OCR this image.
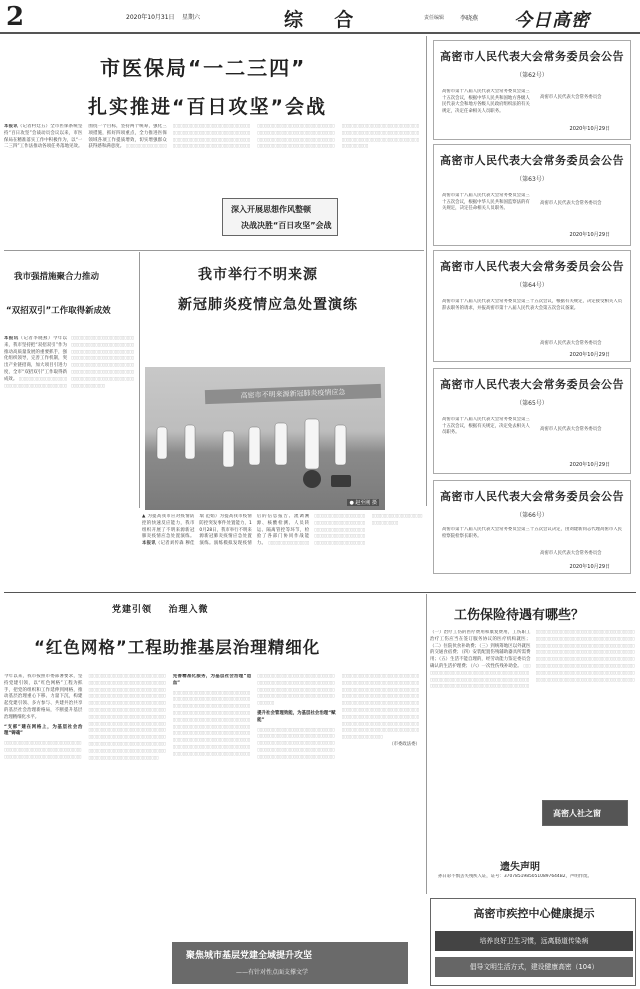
2	2020年10月31日 星期六	综  合	责任编辑	李晓燕 今日高密
市医保局“一二三四”
扎实推进“百日攻坚”会战
本报讯（记者村廷五）全市医保系统坚持“百日攻坚”会战动员会议以来，市医保局在精准落实工作中积极作为，以“一二三四”工作法推动各项任务落地见效。围绕一个目标，坚持两个统筹，强化三项措施，抓好四项重点，全力推进医保领域各项工作提质增效，切实增强群众获得感和满意度。 ▯▯▯▯▯▯▯▯▯▯▯▯▯▯▯▯▯▯▯▯▯▯▯▯▯▯▯▯▯▯▯▯▯▯▯▯▯▯▯▯▯▯▯▯▯▯▯▯▯▯▯▯▯▯▯▯▯▯▯▯▯▯▯▯▯▯▯▯▯▯▯▯▯▯▯▯▯▯▯▯▯▯▯▯▯▯▯▯▯▯▯▯▯▯▯▯▯▯▯▯▯▯▯▯▯▯▯▯▯▯▯▯▯▯▯▯▯▯▯▯▯▯▯▯▯▯▯▯▯▯▯▯▯▯▯▯▯▯▯▯▯▯▯▯▯▯▯▯▯▯▯▯▯▯▯▯▯▯▯▯▯▯▯▯▯▯▯▯▯▯▯▯▯▯▯▯▯▯▯▯▯▯▯▯▯▯▯▯▯▯▯▯▯▯▯▯▯▯▯▯▯▯▯▯▯▯▯▯▯▯▯▯▯▯▯▯▯▯▯▯▯▯▯▯▯▯▯▯▯▯▯▯▯▯▯▯▯▯▯▯▯▯▯▯▯▯▯▯▯▯▯▯▯▯▯▯▯▯▯▯▯▯▯▯▯▯▯▯▯▯▯▯▯▯▯▯▯▯▯▯▯▯▯▯▯▯▯▯▯▯▯▯▯▯▯▯▯▯▯▯▯▯▯▯▯▯▯▯▯▯▯▯▯▯▯▯▯▯▯▯▯▯▯▯▯▯▯▯▯▯▯▯▯▯▯▯▯▯▯▯▯▯▯▯▯▯▯▯▯▯▯▯▯▯▯▯▯▯▯▯▯▯▯▯▯▯▯▯▯▯▯▯▯▯▯▯▯▯▯▯
深入开展思想作风整顿
决战决胜“百日攻坚”会战
我市强措施聚合力推动
“双招双引”工作取得新成效
本报讯（记者李晓燕）今年以来，我市坚持把“双招双引”作为推动高质量发展的重要抓手，强化组织领导，完善工作机制，突出产业链招商，加大项目引进力度，全市“双招双引”工作取得新成效。 ▯▯▯▯▯▯▯▯▯▯▯▯▯▯▯▯▯▯▯▯▯▯▯▯▯▯▯▯▯▯▯▯▯▯▯▯▯▯▯▯▯▯▯▯▯▯▯▯▯▯▯▯▯▯▯▯▯▯▯▯▯▯▯▯▯▯▯▯▯▯▯▯▯▯▯▯▯▯▯▯▯▯▯▯▯▯▯▯▯▯▯▯▯▯▯▯▯▯▯▯▯▯▯▯▯▯▯▯▯▯▯▯▯▯▯▯▯▯▯▯▯▯▯▯▯▯▯▯▯▯▯▯▯▯▯▯▯▯▯▯▯▯▯▯▯▯▯▯▯▯▯▯▯▯▯▯▯▯▯▯▯▯▯▯▯▯▯▯▯▯▯▯▯▯▯▯▯▯▯▯▯▯▯▯▯▯▯▯▯▯▯▯▯▯▯▯▯▯▯▯▯▯▯▯▯▯▯▯▯▯▯▯▯▯▯▯▯▯▯▯▯▯▯▯▯▯▯▯▯▯▯▯▯▯▯▯▯▯▯▯▯▯
我市举行不明来源
新冠肺炎疫情应急处置演练
高密市不明来源新冠肺炎疫情应急
● 赵至刚 摄
▲ 为提高我市应对疫情防控的快速反应能力，我市组织开展了不明来源新冠肺炎疫情应急处置演练。本报讯（记者刘传森 穆佳瑞 范娟）为提高我市疫情防控突发事件处置能力，10月28日，我市举行不明来源新冠肺炎疫情应急处置演练。演练模拟发现疫情后的信息报告、流调溯源、核酸检测、人员转运、隔离管控等环节，检验了各部门协同作战能力。 ▯▯▯▯▯▯▯▯▯▯▯▯▯▯▯▯▯▯▯▯▯▯▯▯▯▯▯▯▯▯▯▯▯▯▯▯▯▯▯▯▯▯▯▯▯▯▯▯▯▯▯▯▯▯▯▯▯▯▯▯▯▯▯▯▯▯▯▯▯▯▯▯▯▯▯▯▯▯▯▯▯▯▯▯▯▯▯▯▯▯▯▯▯▯▯▯▯▯▯▯▯▯▯▯▯▯▯▯▯▯▯▯▯▯▯▯▯▯▯▯▯▯▯▯▯▯▯▯▯▯▯▯▯▯▯▯▯▯▯▯▯▯▯▯▯▯▯▯▯▯▯▯▯▯
高密市人民代表大会常务委员会公告
（第62号）
高密市第十八届人民代表大会常务委员会第三十五次会议，根据中华人民共和国地方各级人民代表大会和地方各级人民政府组织法的有关规定，决定任命相关人员职务。
高密市人民代表大会常务委员会
2020年10月29日
高密市人民代表大会常务委员会公告
（第63号）
高密市第十八届人民代表大会常务委员会第三十五次会议，根据中华人民共和国监察法的有关规定，决定任命相关人员职务。
高密市人民代表大会常务委员会
2020年10月29日
高密市人民代表大会常务委员会公告
（第64号）
高密市第十八届人民代表大会常务委员会第三十五次会议，根据有关规定，决定接受相关人员辞去职务的请求，并报高密市第十八届人民代表大会第五次会议备案。
高密市人民代表大会常务委员会
2020年10月29日
高密市人民代表大会常务委员会公告
（第65号）
高密市第十八届人民代表大会常务委员会第三十五次会议，根据有关规定，决定免去相关人员职务。
高密市人民代表大会常务委员会
2020年10月29日
高密市人民代表大会常务委员会公告
（第66号）
高密市第十八届人民代表大会常务委员会第三十五次会议决定，由刘建新同志代理高密市人民检察院检察长职务。
高密市人民代表大会常务委员会
2020年10月29日
党建引领    治理入微
“红色网格”工程助推基层治理精细化
今年以来，我市按照市委部署要求，坚持党建引领，以“红色网格”工程为抓手，把党的组织和工作延伸到网格，推动基层治理重心下移、力量下沉，构建起党建引领、多方参与、共建共治共享的基层社会治理新格局，不断提升基层治理精细化水平。
“支部”建在网格上，为基层社会治理“铸魂”
▯▯▯▯▯▯▯▯▯▯▯▯▯▯▯▯▯▯▯▯▯▯▯▯▯▯▯▯▯▯▯▯▯▯▯▯▯▯▯▯▯▯▯▯▯▯▯▯▯▯▯▯▯▯▯▯▯▯▯▯▯▯▯▯▯▯▯▯▯▯▯▯▯▯▯▯▯▯▯▯▯▯▯▯▯▯▯▯▯▯▯▯▯▯▯▯▯▯▯▯▯▯▯▯▯▯▯▯▯▯▯▯▯▯▯▯▯▯▯▯▯▯▯▯▯▯▯▯▯▯▯▯▯▯▯▯▯▯▯▯▯▯▯▯▯▯▯▯▯▯▯▯▯▯▯▯▯▯▯▯▯▯▯▯▯▯▯▯▯▯▯▯▯▯▯▯▯▯▯▯▯▯▯▯▯▯▯▯▯▯▯▯▯▯▯▯▯▯▯▯▯▯▯▯▯▯▯▯▯▯▯▯▯▯▯▯▯▯▯▯▯▯▯▯▯▯▯▯▯▯▯▯▯▯▯▯▯▯▯▯▯▯▯▯▯▯▯▯▯▯▯▯▯▯▯▯▯▯▯▯▯▯▯▯▯▯▯▯▯▯▯▯▯▯▯▯▯▯▯▯▯▯▯▯▯▯▯▯▯▯▯▯▯▯▯▯▯▯▯▯▯▯▯▯▯▯▯▯▯▯▯▯▯▯▯▯▯▯▯▯▯▯▯▯▯▯▯▯▯▯▯▯▯▯▯▯▯▯▯▯▯▯▯▯▯▯▯▯▯▯▯▯▯▯▯▯▯▯▯▯▯▯▯▯▯▯▯▯▯▯▯▯▯▯▯▯▯▯▯▯▯▯▯▯▯▯▯▯▯▯▯▯▯▯▯▯▯▯▯▯▯▯▯▯▯▯▯▯▯▯▯▯▯▯▯▯▯▯▯▯▯▯▯▯▯▯▯▯▯▯▯▯▯▯▯▯▯▯▯▯▯▯▯▯▯▯▯▯▯▯▯▯▯▯▯▯▯▯▯▯▯▯▯▯▯▯▯▯▯▯▯▯▯▯▯▯▯▯▯▯▯▯▯▯▯▯▯▯▯▯▯▯▯▯▯▯▯▯▯▯▯▯▯▯▯▯▯▯▯
完善精准化服务，为基层社会治理“造血”
▯▯▯▯▯▯▯▯▯▯▯▯▯▯▯▯▯▯▯▯▯▯▯▯▯▯▯▯▯▯▯▯▯▯▯▯▯▯▯▯▯▯▯▯▯▯▯▯▯▯▯▯▯▯▯▯▯▯▯▯▯▯▯▯▯▯▯▯▯▯▯▯▯▯▯▯▯▯▯▯▯▯▯▯▯▯▯▯▯▯▯▯▯▯▯▯▯▯▯▯▯▯▯▯▯▯▯▯▯▯▯▯▯▯▯▯▯▯▯▯▯▯▯▯▯▯▯▯▯▯▯▯▯▯▯▯▯▯▯▯▯▯▯▯▯▯▯▯▯▯▯▯▯▯▯▯▯▯▯▯▯▯▯▯▯▯▯▯▯▯▯▯▯▯▯▯▯▯▯▯▯▯▯▯▯▯▯▯▯▯▯▯▯▯▯▯▯▯▯▯▯▯▯▯▯▯▯▯▯▯▯▯▯▯▯▯▯▯▯▯▯▯▯▯▯▯▯▯▯▯▯▯▯▯▯▯▯▯▯▯▯▯▯▯▯▯▯▯▯▯▯▯▯▯▯▯▯▯▯▯▯▯▯▯▯▯▯▯▯▯▯▯▯▯▯▯▯▯▯▯▯▯▯▯▯▯▯▯▯▯▯▯▯▯▯▯▯▯▯▯▯▯▯▯▯▯▯▯▯▯▯▯▯▯▯▯▯▯▯▯▯▯▯▯▯▯▯▯▯▯▯▯▯▯▯▯▯▯▯▯▯▯▯▯▯▯▯▯▯▯▯▯▯▯▯▯▯▯▯▯▯▯▯▯▯▯▯▯▯▯▯▯▯▯▯▯▯▯▯▯▯▯▯▯▯▯▯▯▯▯▯▯▯▯▯▯▯▯▯▯▯▯▯▯▯▯▯▯▯▯▯▯▯▯▯▯▯▯▯▯▯▯▯▯▯▯▯▯▯▯▯▯▯▯▯▯▯▯▯▯▯▯▯▯▯▯▯▯▯▯▯▯▯▯▯
提升社会管理效能，为基层社会治理“赋能”
▯▯▯▯▯▯▯▯▯▯▯▯▯▯▯▯▯▯▯▯▯▯▯▯▯▯▯▯▯▯▯▯▯▯▯▯▯▯▯▯▯▯▯▯▯▯▯▯▯▯▯▯▯▯▯▯▯▯▯▯▯▯▯▯▯▯▯▯▯▯▯▯▯▯▯▯▯▯▯▯▯▯▯▯▯▯▯▯▯▯▯▯▯▯▯▯▯▯▯▯▯▯▯▯▯▯▯▯▯▯▯▯▯▯▯▯▯▯▯▯▯▯▯▯▯▯▯▯▯▯▯▯▯▯▯▯▯▯▯▯▯▯▯▯▯▯▯▯▯▯▯▯▯▯▯▯▯▯▯▯▯▯▯▯▯▯▯▯▯▯▯▯▯▯▯▯▯▯▯▯▯▯▯▯▯▯▯▯▯▯▯▯▯▯▯▯▯▯▯▯▯▯▯▯▯▯▯▯▯▯▯▯▯▯▯▯▯▯▯▯▯▯▯▯▯▯▯▯▯▯▯▯▯▯▯▯▯▯▯▯▯▯▯▯▯▯▯▯▯▯▯▯▯▯▯▯▯▯▯▯▯▯▯▯▯▯▯▯▯▯▯▯▯▯▯▯▯▯▯▯▯▯▯▯▯▯▯▯▯▯▯▯▯▯▯▯▯▯▯▯▯▯▯▯▯▯▯▯▯▯▯▯▯▯▯▯▯▯▯▯▯▯▯▯▯▯▯▯▯▯▯▯▯▯▯▯▯▯▯▯▯▯▯▯▯▯▯▯▯▯▯▯▯▯▯▯▯▯▯▯▯▯▯▯▯▯▯▯▯▯▯▯▯▯▯▯▯▯▯▯▯▯▯▯▯▯▯▯▯▯▯▯▯▯▯▯▯▯▯▯▯▯▯▯▯▯▯▯▯▯▯▯▯▯▯▯▯▯▯▯▯▯▯▯▯▯▯▯▯▯▯▯▯▯▯▯▯▯▯▯▯▯▯▯▯▯▯▯▯▯▯▯▯▯▯▯▯▯▯▯▯▯▯▯▯
（市委政法委）
聚焦城市基层党建全域提升攻坚
——有针对性点面支撑文学
工伤保险待遇有哪些？
（一）治疗工伤的医疗费用和康复费用，工伤职工治疗工伤应当在签订服务协议的医疗机构就医；（二）住院伙食补助费；（三）到统筹地区以外就医的交通食宿费；（四）安装配置伤残辅助器具所需费用；（五）生活不能自理的，经劳动能力鉴定委员会确认的生活护理费；（六）一次性伤残补助金。 ▯▯▯▯▯▯▯▯▯▯▯▯▯▯▯▯▯▯▯▯▯▯▯▯▯▯▯▯▯▯▯▯▯▯▯▯▯▯▯▯▯▯▯▯▯▯▯▯▯▯▯▯▯▯▯▯▯▯▯▯▯▯▯▯▯▯▯▯▯▯▯▯▯▯▯▯▯▯▯▯▯▯▯▯▯▯▯▯▯▯▯▯▯▯▯▯▯▯▯▯▯▯▯▯▯▯▯▯▯▯▯▯▯▯▯▯▯▯▯▯▯▯▯▯▯▯▯▯▯▯▯▯▯▯▯▯▯▯▯▯▯▯▯▯▯▯▯▯▯▯▯▯▯▯▯▯▯▯▯▯▯▯▯▯▯▯▯▯▯▯▯▯▯▯▯▯▯▯▯▯▯▯▯▯▯▯▯▯▯▯▯▯▯▯▯▯▯▯▯▯▯▯▯▯▯▯▯▯▯▯▯▯▯▯▯▯▯▯▯▯▯▯▯▯▯▯▯▯▯▯▯▯▯▯▯▯▯▯▯▯▯▯▯▯▯▯▯▯▯▯▯▯▯▯▯▯▯▯▯▯▯▯▯▯▯▯▯▯▯▯▯▯▯▯▯▯▯▯▯▯▯▯▯▯▯▯▯▯▯▯▯▯▯▯▯▯▯▯▯▯▯▯▯▯▯▯▯▯▯▯▯▯▯▯▯▯▯▯▯▯▯▯▯▯▯▯▯▯▯▯▯▯▯▯▯▯▯▯▯▯▯▯▯▯▯▯▯▯▯▯▯▯▯▯▯▯▯▯▯▯▯▯▯▯▯▯▯▯▯▯▯▯▯▯▯▯▯▯▯▯▯▯▯▯▯▯▯▯▯▯▯▯▯▯▯▯▯▯▯▯▯▯▯▯▯▯▯▯▯▯▯▯▯▯▯▯▯▯▯▯▯▯▯▯▯▯▯▯▯▯▯▯▯▯▯▯▯▯▯▯▯▯▯▯▯▯▯▯▯▯▯▯▯▯
高密人社之窗
遗失声明
孙日彩不慎丢失残疾人证，证号：37078519850510897644B2，声明作废。
高密市疾控中心健康提示
培养良好卫生习惯，远离肠道传染病
倡导文明生活方式，建设健康高密（104）
